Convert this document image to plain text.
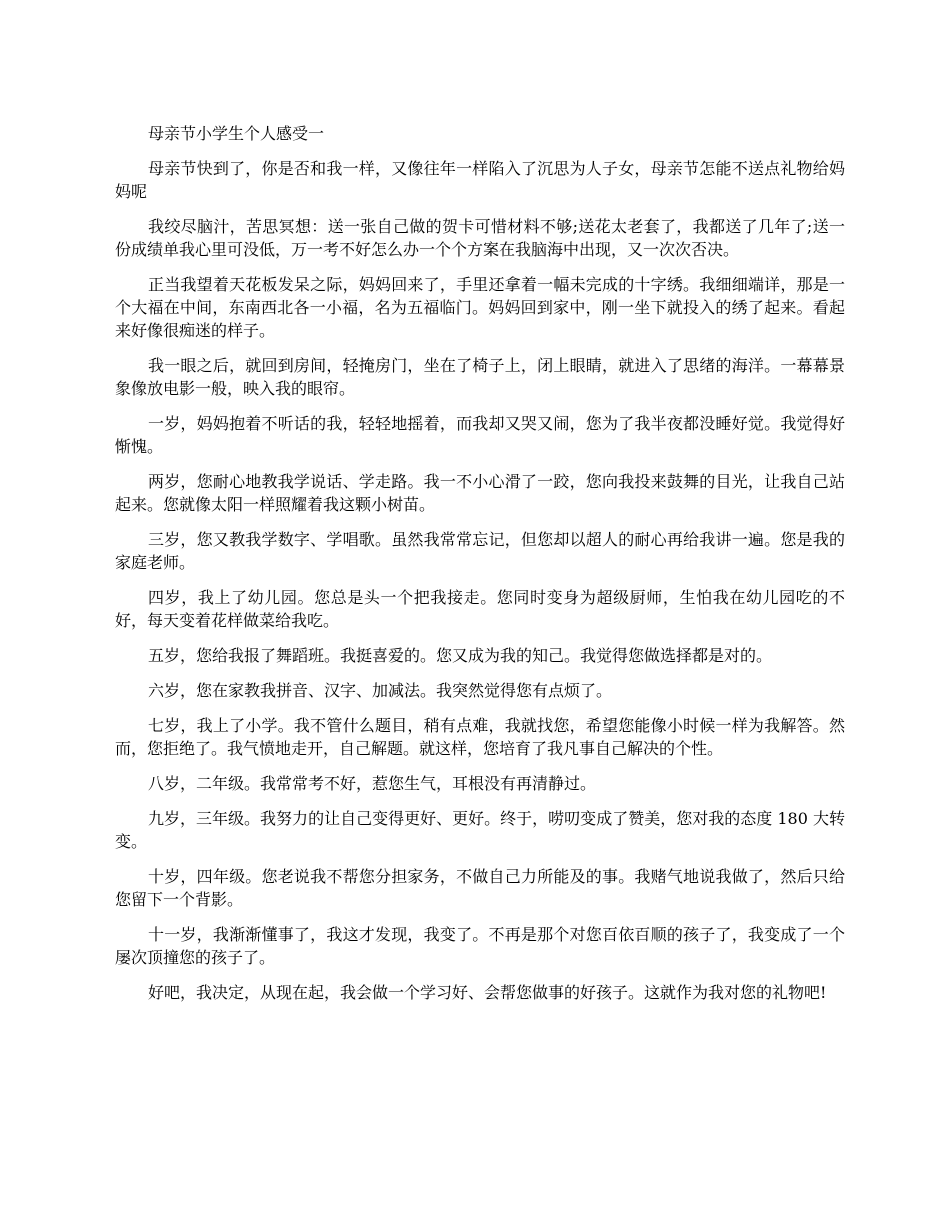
母亲节小学生个人感受一

母亲节快到了，你是否和我一样，又像往年一样陷入了沉思为人子女，母亲节怎能不送点礼物给妈妈呢

我绞尽脑汁，苦思冥想：送一张自己做的贺卡可惜材料不够;送花太老套了，我都送了几年了;送一份成绩单我心里可没低，万一考不好怎么办一个个方案在我脑海中出现，又一次次否决。

正当我望着天花板发呆之际，妈妈回来了，手里还拿着一幅未完成的十字绣。我细细端详，那是一个大福在中间，东南西北各一小福，名为五福临门。妈妈回到家中，刚一坐下就投入的绣了起来。看起来好像很痴迷的样子。

我一眼之后，就回到房间，轻掩房门，坐在了椅子上，闭上眼睛，就进入了思绪的海洋。一幕幕景象像放电影一般，映入我的眼帘。

一岁，妈妈抱着不听话的我，轻轻地摇着，而我却又哭又闹，您为了我半夜都没睡好觉。我觉得好惭愧。

两岁，您耐心地教我学说话、学走路。我一不小心滑了一跤，您向我投来鼓舞的目光，让我自己站起来。您就像太阳一样照耀着我这颗小树苗。

三岁，您又教我学数字、学唱歌。虽然我常常忘记，但您却以超人的耐心再给我讲一遍。您是我的家庭老师。

四岁，我上了幼儿园。您总是头一个把我接走。您同时变身为超级厨师，生怕我在幼儿园吃的不好，每天变着花样做菜给我吃。

五岁，您给我报了舞蹈班。我挺喜爱的。您又成为我的知己。我觉得您做选择都是对的。

六岁，您在家教我拼音、汉字、加减法。我突然觉得您有点烦了。

七岁，我上了小学。我不管什么题目，稍有点难，我就找您，希望您能像小时候一样为我解答。然而，您拒绝了。我气愤地走开，自己解题。就这样，您培育了我凡事自己解决的个性。

八岁，二年级。我常常考不好，惹您生气，耳根没有再清静过。

九岁，三年级。我努力的让自己变得更好、更好。终于，唠叨变成了赞美，您对我的态度 180 大转变。

十岁，四年级。您老说我不帮您分担家务，不做自己力所能及的事。我赌气地说我做了，然后只给您留下一个背影。

十一岁，我渐渐懂事了，我这才发现，我变了。不再是那个对您百依百顺的孩子了，我变成了一个屡次顶撞您的孩子了。

好吧，我决定，从现在起，我会做一个学习好、会帮您做事的好孩子。这就作为我对您的礼物吧!
